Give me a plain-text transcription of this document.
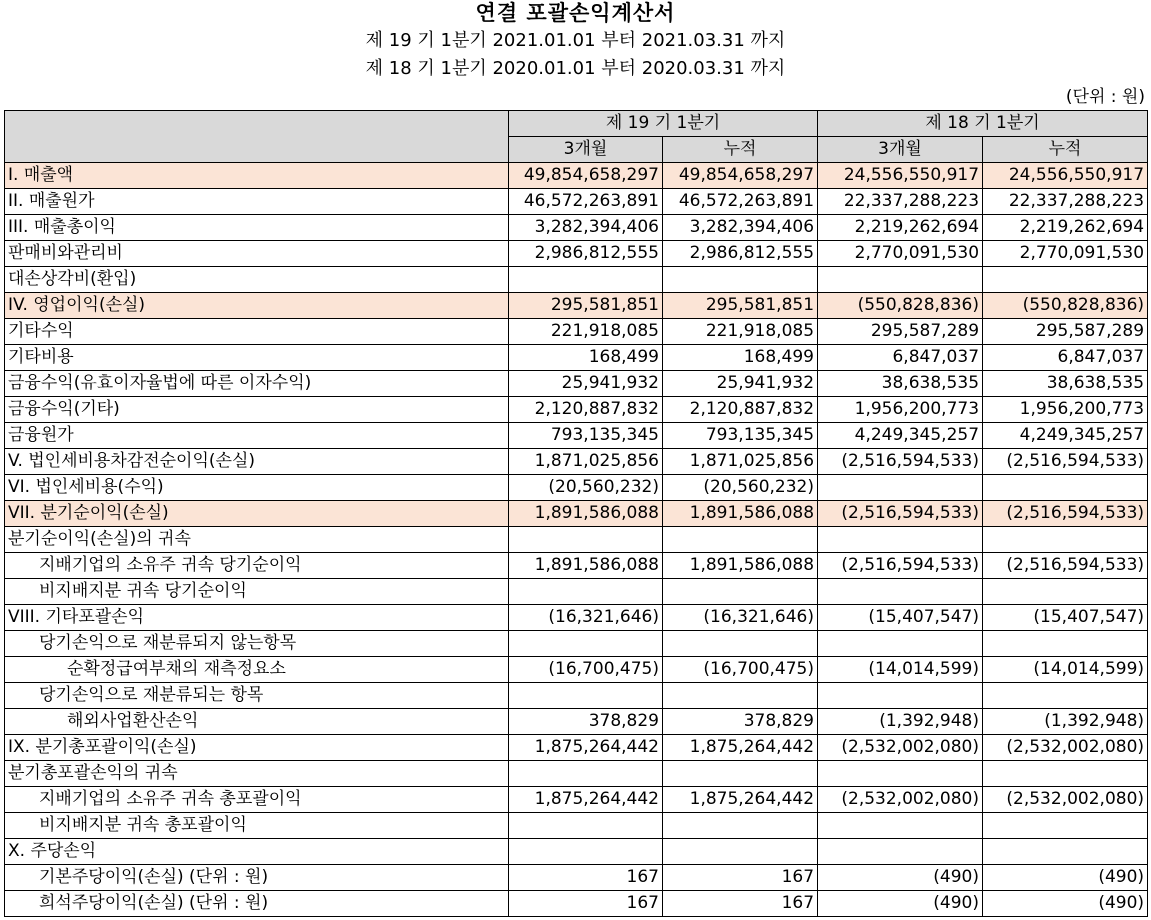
연결 포괄손익계산서
제 19 기 1분기 2021.01.01 부터 2021.03.31 까지
제 18 기 1분기 2020.01.01 부터 2020.03.31 까지
(단위 : 원)
	제 19 기 1분기		제 18 기 1분기	
	3개월	누적	3개월	누적
I. 매출액	49,854,658,297	49,854,658,297	24,556,550,917	24,556,550,917
II. 매출원가	46,572,263,891	46,572,263,891	22,337,288,223	22,337,288,223
III. 매출총이익	3,282,394,406	3,282,394,406	2,219,262,694	2,219,262,694
판매비와관리비	2,986,812,555	2,986,812,555	2,770,091,530	2,770,091,530
대손상각비(환입)				
IV. 영업이익(손실)	295,581,851	295,581,851	(550,828,836)	(550,828,836)
기타수익	221,918,085	221,918,085	295,587,289	295,587,289
기타비용	168,499	168,499	6,847,037	6,847,037
금융수익(유효이자율법에 따른 이자수익)	25,941,932	25,941,932	38,638,535	38,638,535
금융수익(기타)	2,120,887,832	2,120,887,832	1,956,200,773	1,956,200,773
금융원가	793,135,345	793,135,345	4,249,345,257	4,249,345,257
V. 법인세비용차감전순이익(손실)	1,871,025,856	1,871,025,856	(2,516,594,533)	(2,516,594,533)
VI. 법인세비용(수익)	(20,560,232)	(20,560,232)		
VII. 분기순이익(손실)	1,891,586,088	1,891,586,088	(2,516,594,533)	(2,516,594,533)
분기순이익(손실)의 귀속				
지배기업의 소유주 귀속 당기순이익	1,891,586,088	1,891,586,088	(2,516,594,533)	(2,516,594,533)
비지배지분 귀속 당기순이익				
VIII. 기타포괄손익	(16,321,646)	(16,321,646)	(15,407,547)	(15,407,547)
당기손익으로 재분류되지 않는항목				
순확정급여부채의 재측정요소	(16,700,475)	(16,700,475)	(14,014,599)	(14,014,599)
당기손익으로 재분류되는 항목				
해외사업환산손익	378,829	378,829	(1,392,948)	(1,392,948)
IX. 분기총포괄이익(손실)	1,875,264,442	1,875,264,442	(2,532,002,080)	(2,532,002,080)
분기총포괄손익의 귀속				
지배기업의 소유주 귀속 총포괄이익	1,875,264,442	1,875,264,442	(2,532,002,080)	(2,532,002,080)
비지배지분 귀속 총포괄이익				
X. 주당손익				
기본주당이익(손실) (단위 : 원)	167	167	(490)	(490)
희석주당이익(손실) (단위 : 원)	167	167	(490)	(490)
